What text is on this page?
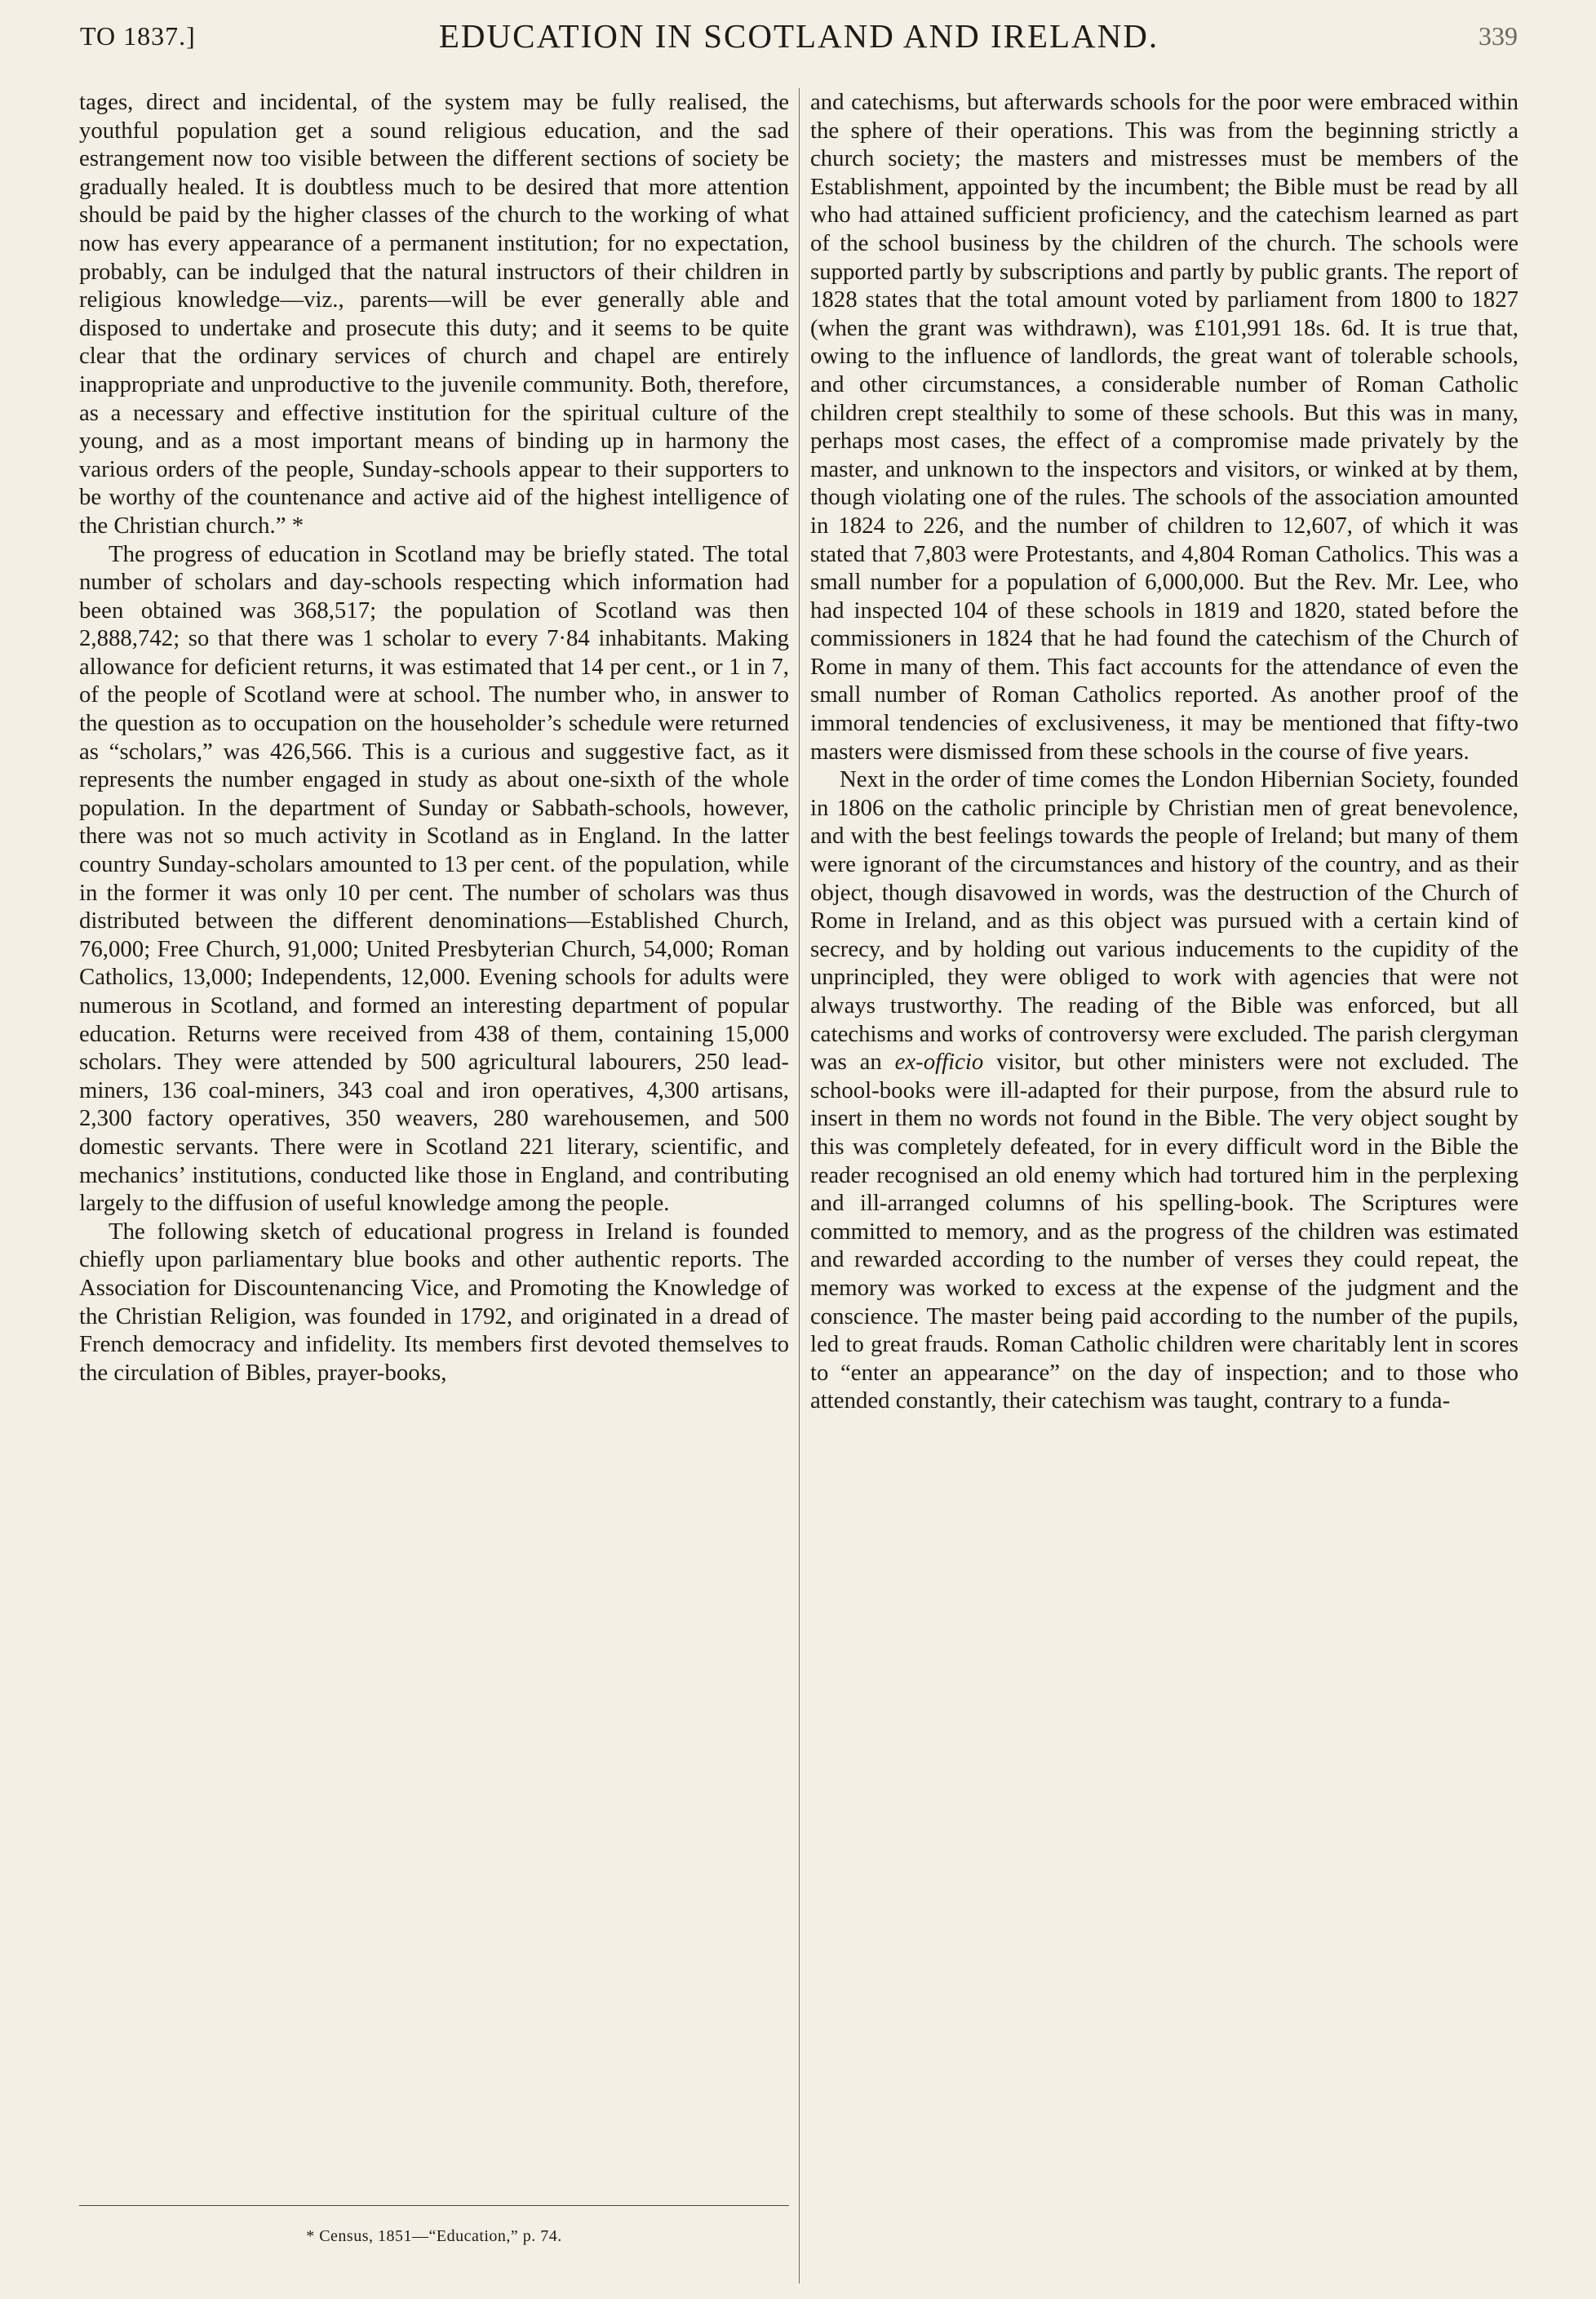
TO 1837.]	EDUCATION IN SCOTLAND AND IRELAND.	339

tages, direct and incidental, of the system may be fully realised, the youthful population get a sound religious education, and the sad estrangement now too visible between the different sections of society be gradually healed. It is doubtless much to be desired that more attention should be paid by the higher classes of the church to the working of what now has every appearance of a permanent institution; for no expectation, probably, can be indulged that the natural instructors of their children in religious knowledge—viz., parents—will be ever generally able and disposed to undertake and prosecute this duty; and it seems to be quite clear that the ordinary services of church and chapel are entirely inappropriate and unproductive to the juvenile community. Both, therefore, as a necessary and effective institution for the spiritual culture of the young, and as a most important means of binding up in harmony the various orders of the people, Sunday-schools appear to their supporters to be worthy of the countenance and active aid of the highest intelligence of the Christian church.” *

The progress of education in Scotland may be briefly stated. The total number of scholars and day-schools respecting which information had been obtained was 368,517; the population of Scotland was then 2,888,742; so that there was 1 scholar to every 7·84 inhabitants. Making allowance for deficient returns, it was estimated that 14 per cent., or 1 in 7, of the people of Scotland were at school. The number who, in answer to the question as to occupation on the householder’s schedule were returned as “scholars,” was 426,566. This is a curious and suggestive fact, as it represents the number engaged in study as about one-sixth of the whole population. In the department of Sunday or Sabbath-schools, however, there was not so much activity in Scotland as in England. In the latter country Sunday-scholars amounted to 13 per cent. of the population, while in the former it was only 10 per cent. The number of scholars was thus distributed between the different denominations—Established Church, 76,000; Free Church, 91,000; United Presbyterian Church, 54,000; Roman Catholics, 13,000; Independents, 12,000. Evening schools for adults were numerous in Scotland, and formed an interesting department of popular education. Returns were received from 438 of them, containing 15,000 scholars. They were attended by 500 agricultural labourers, 250 lead-miners, 136 coal-miners, 343 coal and iron operatives, 4,300 artisans, 2,300 factory operatives, 350 weavers, 280 warehousemen, and 500 domestic servants. There were in Scotland 221 literary, scientific, and mechanics’ institutions, conducted like those in England, and contributing largely to the diffusion of useful knowledge among the people.

The following sketch of educational progress in Ireland is founded chiefly upon parliamentary blue books and other authentic reports. The Association for Discountenancing Vice, and Promoting the Knowledge of the Christian Religion, was founded in 1792, and originated in a dread of French democracy and infidelity. Its members first devoted themselves to the circulation of Bibles, prayer-books,

and catechisms, but afterwards schools for the poor were embraced within the sphere of their operations. This was from the beginning strictly a church society; the masters and mistresses must be members of the Establishment, appointed by the incumbent; the Bible must be read by all who had attained sufficient proficiency, and the catechism learned as part of the school business by the children of the church. The schools were supported partly by subscriptions and partly by public grants. The report of 1828 states that the total amount voted by parliament from 1800 to 1827 (when the grant was withdrawn), was £101,991 18s. 6d. It is true that, owing to the influence of landlords, the great want of tolerable schools, and other circumstances, a considerable number of Roman Catholic children crept stealthily to some of these schools. But this was in many, perhaps most cases, the effect of a compromise made privately by the master, and unknown to the inspectors and visitors, or winked at by them, though violating one of the rules. The schools of the association amounted in 1824 to 226, and the number of children to 12,607, of which it was stated that 7,803 were Protestants, and 4,804 Roman Catholics. This was a small number for a population of 6,000,000. But the Rev. Mr. Lee, who had inspected 104 of these schools in 1819 and 1820, stated before the commissioners in 1824 that he had found the catechism of the Church of Rome in many of them. This fact accounts for the attendance of even the small number of Roman Catholics reported. As another proof of the immoral tendencies of exclusiveness, it may be mentioned that fifty-two masters were dismissed from these schools in the course of five years.

Next in the order of time comes the London Hibernian Society, founded in 1806 on the catholic principle by Christian men of great benevolence, and with the best feelings towards the people of Ireland; but many of them were ignorant of the circumstances and history of the country, and as their object, though disavowed in words, was the destruction of the Church of Rome in Ireland, and as this object was pursued with a certain kind of secrecy, and by holding out various inducements to the cupidity of the unprincipled, they were obliged to work with agencies that were not always trustworthy. The reading of the Bible was enforced, but all catechisms and works of controversy were excluded. The parish clergyman was an ex-officio visitor, but other ministers were not excluded. The school-books were ill-adapted for their purpose, from the absurd rule to insert in them no words not found in the Bible. The very object sought by this was completely defeated, for in every difficult word in the Bible the reader recognised an old enemy which had tortured him in the perplexing and ill-arranged columns of his spelling-book. The Scriptures were committed to memory, and as the progress of the children was estimated and rewarded according to the number of verses they could repeat, the memory was worked to excess at the expense of the judgment and the conscience. The master being paid according to the number of the pupils, led to great frauds. Roman Catholic children were charitably lent in scores to “enter an appearance” on the day of inspection; and to those who attended constantly, their catechism was taught, contrary to a funda-

* Census, 1851—“Education,” p. 74.
